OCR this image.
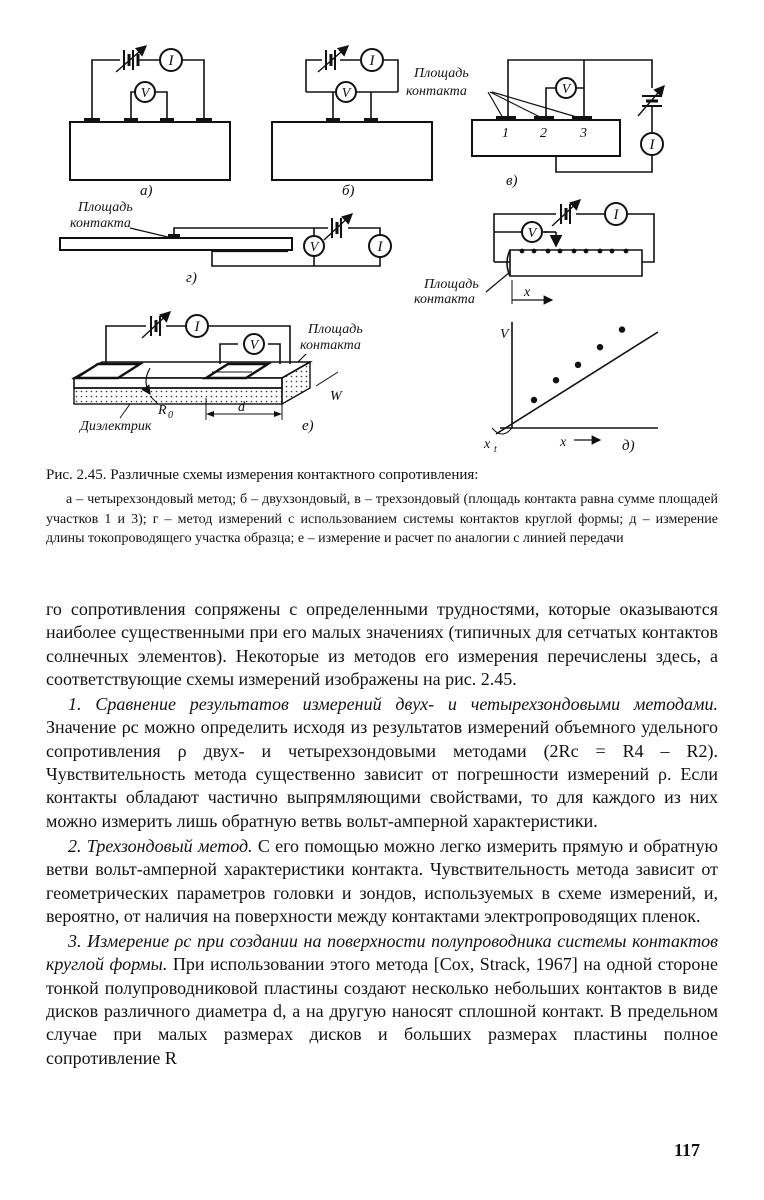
I
V
а)
I
V
б)
Площадь
контакта
1 2 3
V
I
в)
Площадь
контакта
I
V
г)
V
I
Площадь
контакта	x
V
x t	x	д)
Площадь
контакта
I
V
R 0
d
W
Диэлектрик	е)
Рис. 2.45. Различные схемы измерения контактного сопротивления:
а – четырехзондовый метод; б – двухзондовый, в – трехзондовый (площадь контакта равна сумме площадей участков 1 и 3); г – метод измерений с использованием системы контактов круглой формы; д – измерение длины токопроводящего участка образца; е – измерение и расчет по аналогии с линией передачи

го сопротивления сопряжены с определенными трудностями, которые оказываются наиболее существенными при его малых значениях (типичных для сетчатых контактов солнечных элементов). Некоторые из методов его измерения перечислены здесь, а соответствующие схемы измерений изображены на рис. 2.45.

1. Сравнение результатов измерений двух- и четырехзондовыми методами. Значение ρc можно определить исходя из результатов измерений объемного удельного сопротивления ρ двух- и четырехзондовыми методами (2Rc = R4 – R2). Чувствительность метода существенно зависит от погрешности измерений ρ. Если контакты обладают частично выпрямляющими свойствами, то для каждого из них можно измерить лишь обратную ветвь вольт-амперной характеристики.

2. Трехзондовый метод. С его помощью можно легко измерить прямую и обратную ветви вольт-амперной характеристики контакта. Чувствительность метода зависит от геометрических параметров головки и зондов, используемых в схеме измерений, и, вероятно, от наличия на поверхности между контактами электропроводящих пленок.

3. Измерение ρc при создании на поверхности полупроводника системы контактов круглой формы. При использовании этого метода [Cox, Strack, 1967] на одной стороне тонкой полупроводниковой пластины создают несколько небольших контактов в виде дисков различного диаметра d, а на другую наносят сплошной контакт. В предельном случае при малых размерах дисков и больших размерах пластины полное сопротивление R

117
